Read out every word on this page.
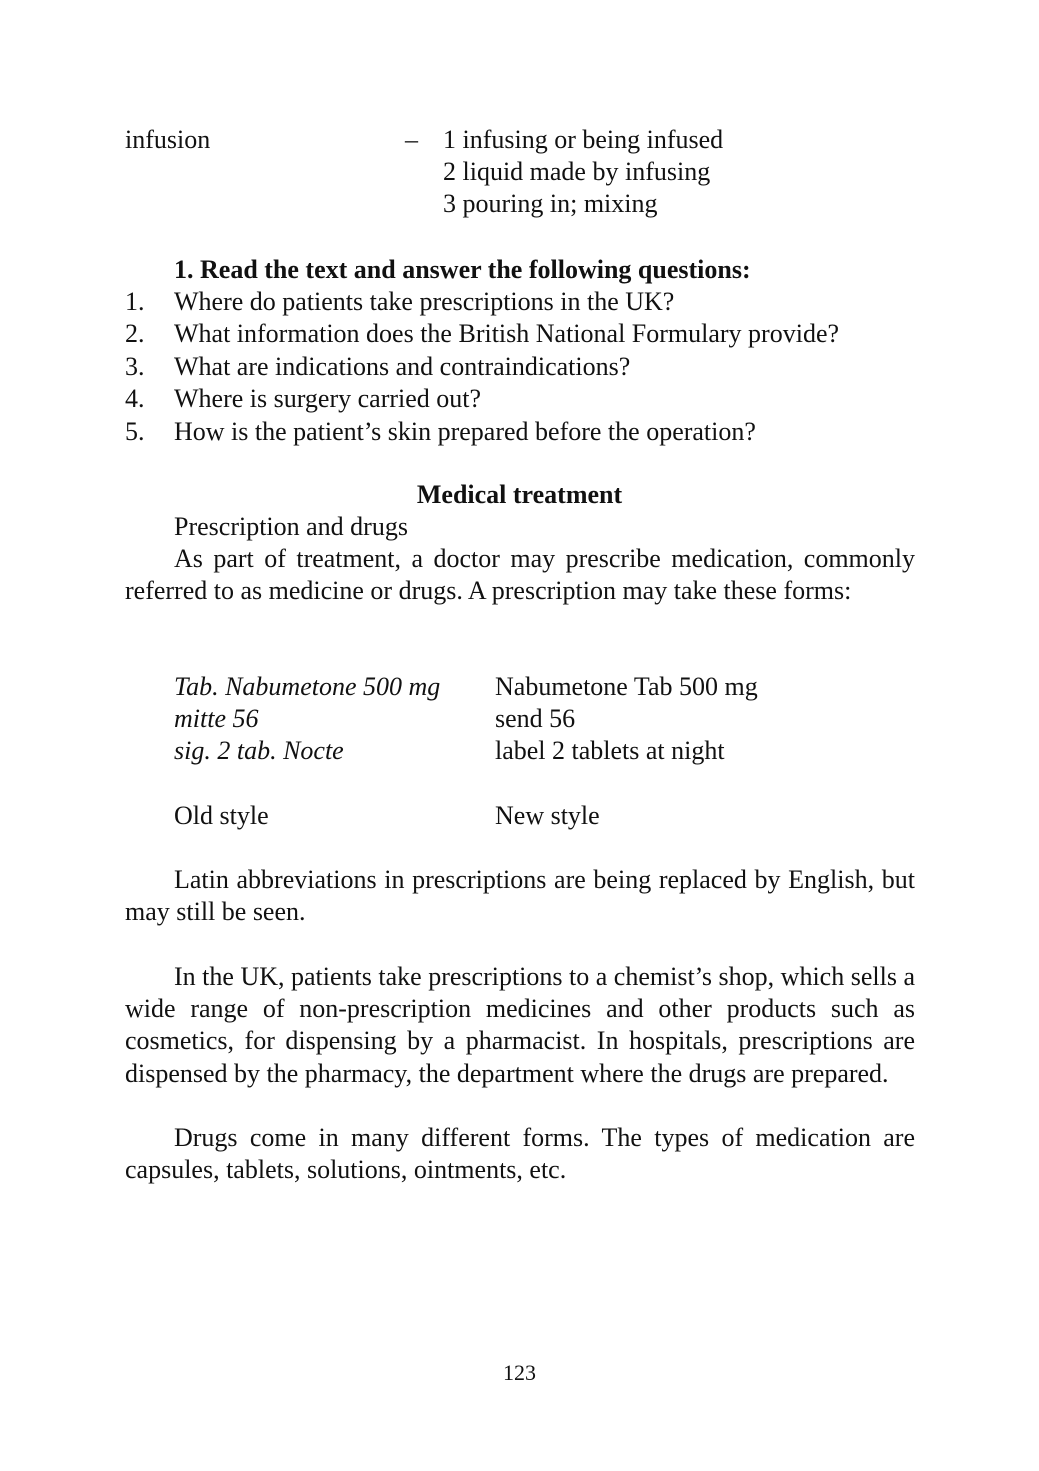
infusion	– 1 infusing or being infused
2 liquid made by infusing
3 pouring in; mixing
1. Read the text and answer the following questions:
1. Where do patients take prescriptions in the UK?
2. What information does the British National Formulary provide?
3. What are indications and contraindications?
4. Where is surgery carried out?
5. How is the patient’s skin prepared before the operation?
Medical treatment
Prescription and drugs
As part of treatment, a doctor may prescribe medication, commonly referred to as medicine or drugs. A prescription may take these forms:
Tab. Nabumetone 500 mg
mitte 56
sig. 2 tab. Nocte
Nabumetone Tab 500 mg
send 56
label 2 tablets at night
Old style	New style
Latin abbreviations in prescriptions are being replaced by English, but may still be seen.
In the UK, patients take prescriptions to a chemist’s shop, which sells a wide range of non-prescription medicines and other products such as cosmetics, for dispensing by a pharmacist. In hospitals, prescriptions are dispensed by the pharmacy, the department where the drugs are prepared.
Drugs come in many different forms. The types of medication are capsules, tablets, solutions, ointments, etc.
123
